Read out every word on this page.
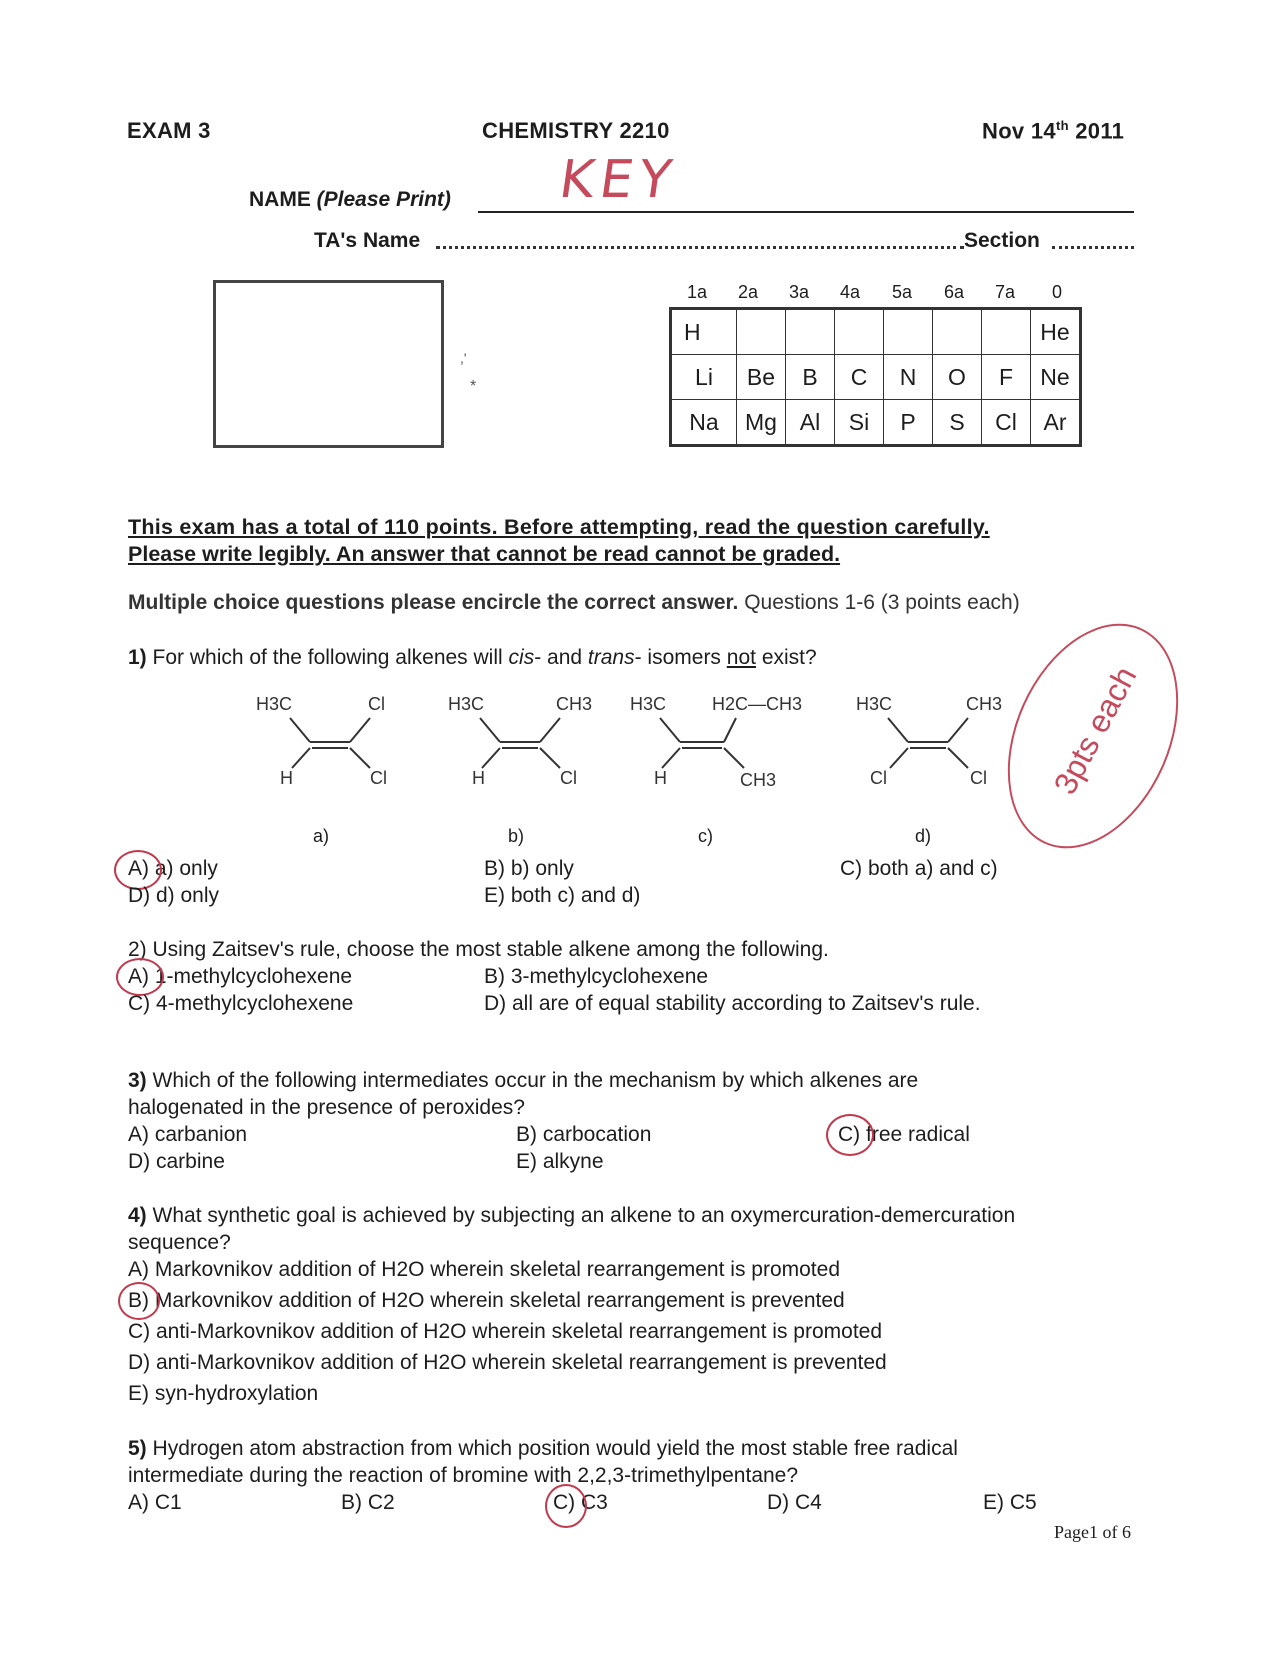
EXAM 3	CHEMISTRY 2210	Nov 14th 2011
NAME (Please Print) KEY
TA's Name	Section
,'
*
1a	2a	3a	4a	5a	6a	7a	0
H							He
Li	Be	B	C	N	O	F	Ne
Na	Mg	Al	Si	P	S	Cl	Ar
This exam has a total of 110 points. Before attempting, read the question carefully.
Please write legibly. An answer that cannot be read cannot be graded.
Multiple choice questions please encircle the correct answer. Questions 1-6 (3 points each)
1) For which of the following alkenes will cis- and trans- isomers not exist?
H3C	Cl
H	Cl
H3C	CH3
H	Cl
H3C	H2C—CH3
H	CH3
H3C	CH3
Cl	Cl
a)	b)	c)	d)
3pts each
A) a) only	B) b) only	C) both a) and c)
D) d) only	E) both c) and d)
2) Using Zaitsev's rule, choose the most stable alkene among the following.
A) 1-methylcyclohexene	B) 3-methylcyclohexene
C) 4-methylcyclohexene	D) all are of equal stability according to Zaitsev's rule.
3) Which of the following intermediates occur in the mechanism by which alkenes are
halogenated in the presence of peroxides?
A) carbanion	B) carbocation	C) free radical
D) carbine	E) alkyne
4) What synthetic goal is achieved by subjecting an alkene to an oxymercuration-demercuration
sequence?
A) Markovnikov addition of H2O wherein skeletal rearrangement is promoted
B) Markovnikov addition of H2O wherein skeletal rearrangement is prevented
C) anti-Markovnikov addition of H2O wherein skeletal rearrangement is promoted
D) anti-Markovnikov addition of H2O wherein skeletal rearrangement is prevented
E) syn-hydroxylation
5) Hydrogen atom abstraction from which position would yield the most stable free radical
intermediate during the reaction of bromine with 2,2,3-trimethylpentane?
A) C1	B) C2	C) C3	D) C4	E) C5
Page1 of 6
